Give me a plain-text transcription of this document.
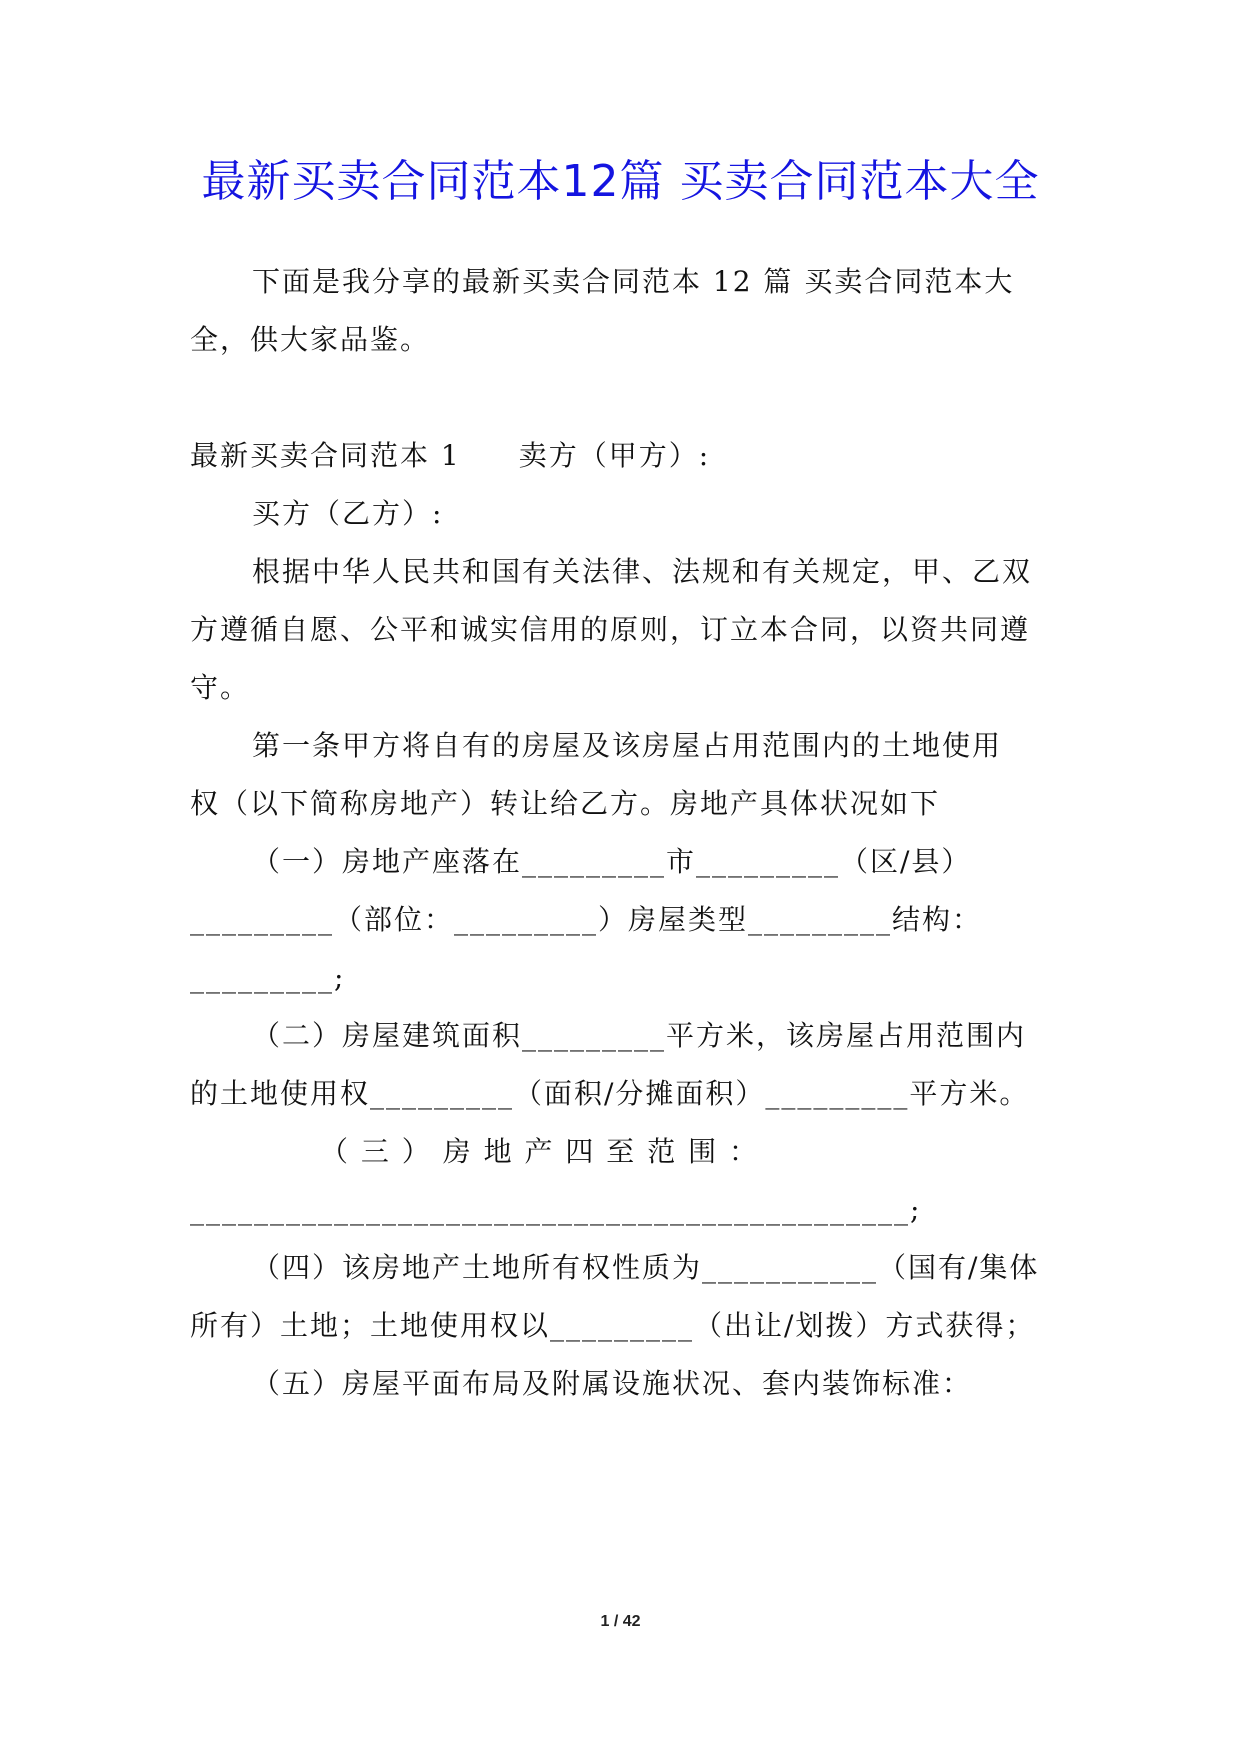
最新买卖合同范本12篇 买卖合同范本大全
下面是我分享的最新买卖合同范本 12 篇 买卖合同范本大
全，供大家品鉴。
最新买卖合同范本 1 卖方（甲方）:
买方（乙方）:
根据中华人民共和国有关法律、法规和有关规定，甲、乙双
方遵循自愿、公平和诚实信用的原则，订立本合同，以资共同遵
守。
第一条甲方将自有的房屋及该房屋占用范围内的土地使用
权（以下简称房地产）转让给乙方。房地产具体状况如下
（一）房地产座落在_________市_________（区/县）
_________（部位：_________）房屋类型_________结构：
_________;
（二）房屋建筑面积_________平方米，该房屋占用范围内
的土地使用权_________（面积/分摊面积）_________平方米。
（ 三 ） 房 地 产 四 至 范 围 ：
_____________________________________________;
（四）该房地产土地所有权性质为___________（国有/集体
所有）土地；土地使用权以_________（出让/划拨）方式获得；
（五）房屋平面布局及附属设施状况、套内装饰标准：
1 / 42
